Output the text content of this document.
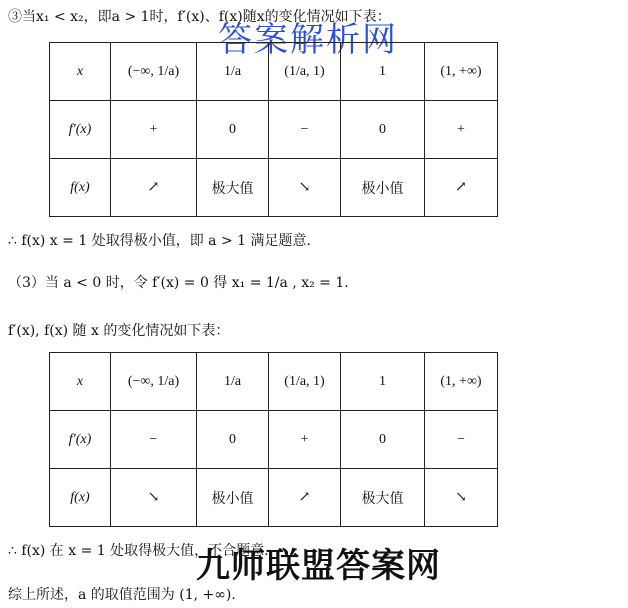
答案解析网
③当x₁ < x₂，即a > 1时，f′(x)、f(x)随x的变化情况如下表：
x	(−∞, 1/a)	1/a	(1/a, 1)	1	(1, +∞)
f′(x)	+	0	−	0	+
f(x)	↗	极大值	↘	极小值	↗
∴ f(x) x = 1 处取得极小值，即 a > 1 满足题意.
（3）当 a < 0 时，令 f′(x) = 0 得 x₁ = 1/a , x₂ = 1.
f′(x), f(x) 随 x 的变化情况如下表：
x	(−∞, 1/a)	1/a	(1/a, 1)	1	(1, +∞)
f′(x)	−	0	+	0	−
f(x)	↘	极小值	↗	极大值	↘
∴ f(x) 在 x = 1 处取得极大值，不合题意.
九师联盟答案网
综上所述，a 的取值范围为 (1, +∞).
